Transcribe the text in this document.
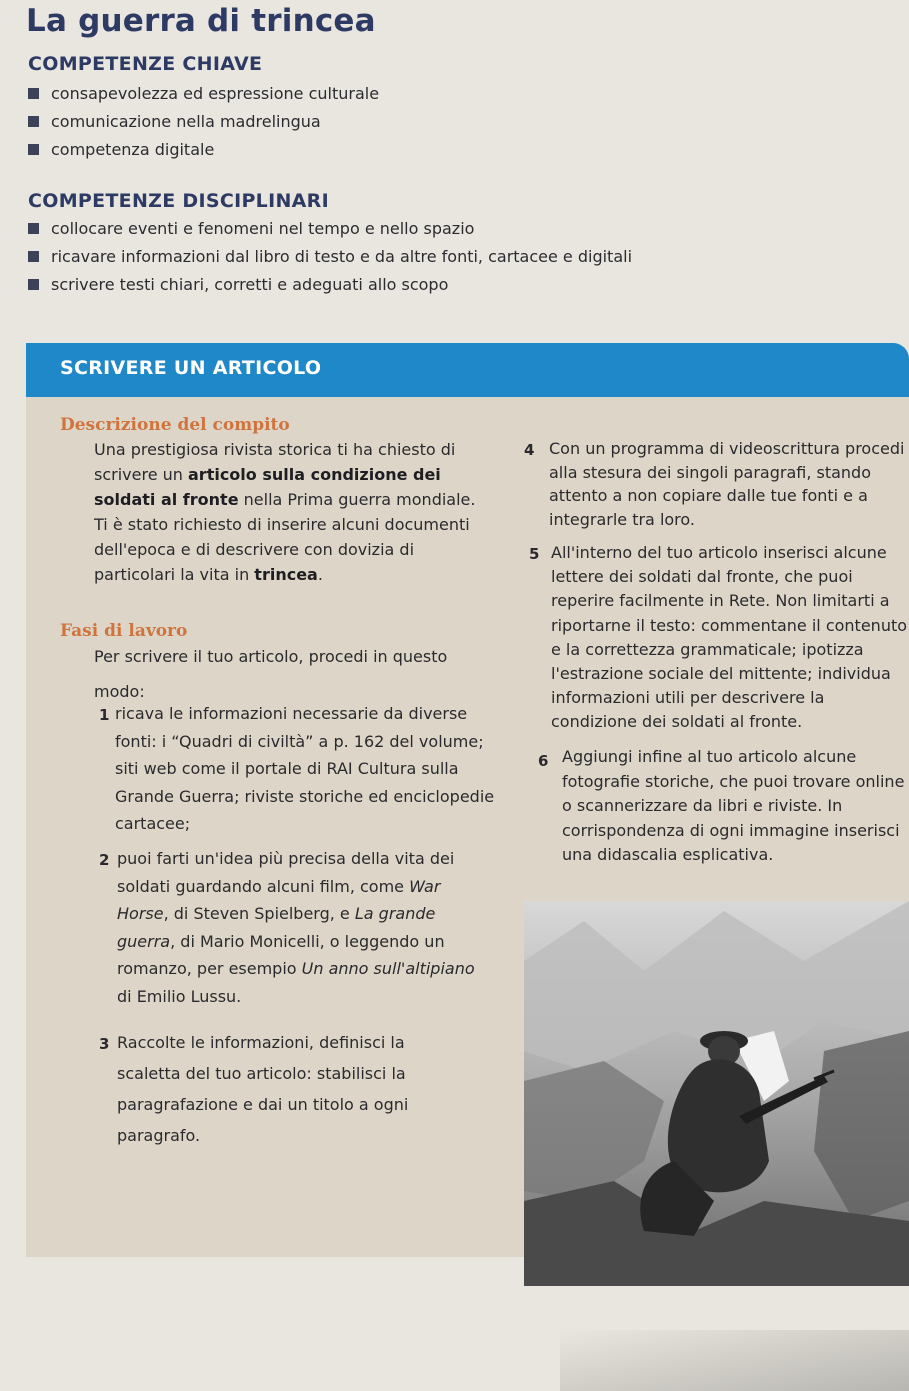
La guerra di trincea
COMPETENZE CHIAVE
consapevolezza ed espressione culturale
comunicazione nella madrelingua
competenza digitale
COMPETENZE DISCIPLINARI
collocare eventi e fenomeni nel tempo e nello spazio
ricavare informazioni dal libro di testo e da altre fonti, cartacee e digitali
scrivere testi chiari, corretti e adeguati allo scopo
SCRIVERE UN ARTICOLO
Descrizione del compito

Una prestigiosa rivista storica ti ha chiesto di scrivere un articolo sulla condizione dei soldati al fronte nella Prima guerra mondiale. Ti è stato richiesto di inserire alcuni documenti dell'epoca e di descrivere con dovizia di particolari la vita in trincea.

Fasi di lavoro

Per scrivere il tuo articolo, procedi in questo modo:

1 ricava le informazioni necessarie da diverse fonti: i “Quadri di civiltà” a p. 162 del volume; siti web come il portale di RAI Cultura sulla Grande Guerra; riviste storiche ed enciclopedie cartacee;

2 puoi farti un'idea più precisa della vita dei soldati guardando alcuni film, come War Horse, di Steven Spielberg, e La grande guerra, di Mario Monicelli, o leggendo un romanzo, per esempio Un anno sull'altipiano di Emilio Lussu.

3 Raccolte le informazioni, definisci la scaletta del tuo articolo: stabilisci la paragrafazione e dai un titolo a ogni paragrafo.

4 Con un programma di videoscrittura procedi alla stesura dei singoli paragrafi, stando attento a non copiare dalle tue fonti e a integrarle tra loro.

5 All'interno del tuo articolo inserisci alcune lettere dei soldati dal fronte, che puoi reperire facilmente in Rete. Non limitarti a riportarne il testo: commentane il contenuto e la correttezza grammaticale; ipotizza l'estrazione sociale del mittente; individua informazioni utili per descrivere la condizione dei soldati al fronte.

6 Aggiungi infine al tuo articolo alcune fotografie storiche, che puoi trovare online o scannerizzare da libri e riviste. In corrispondenza di ogni immagine inserisci una didascalia esplicativa.
